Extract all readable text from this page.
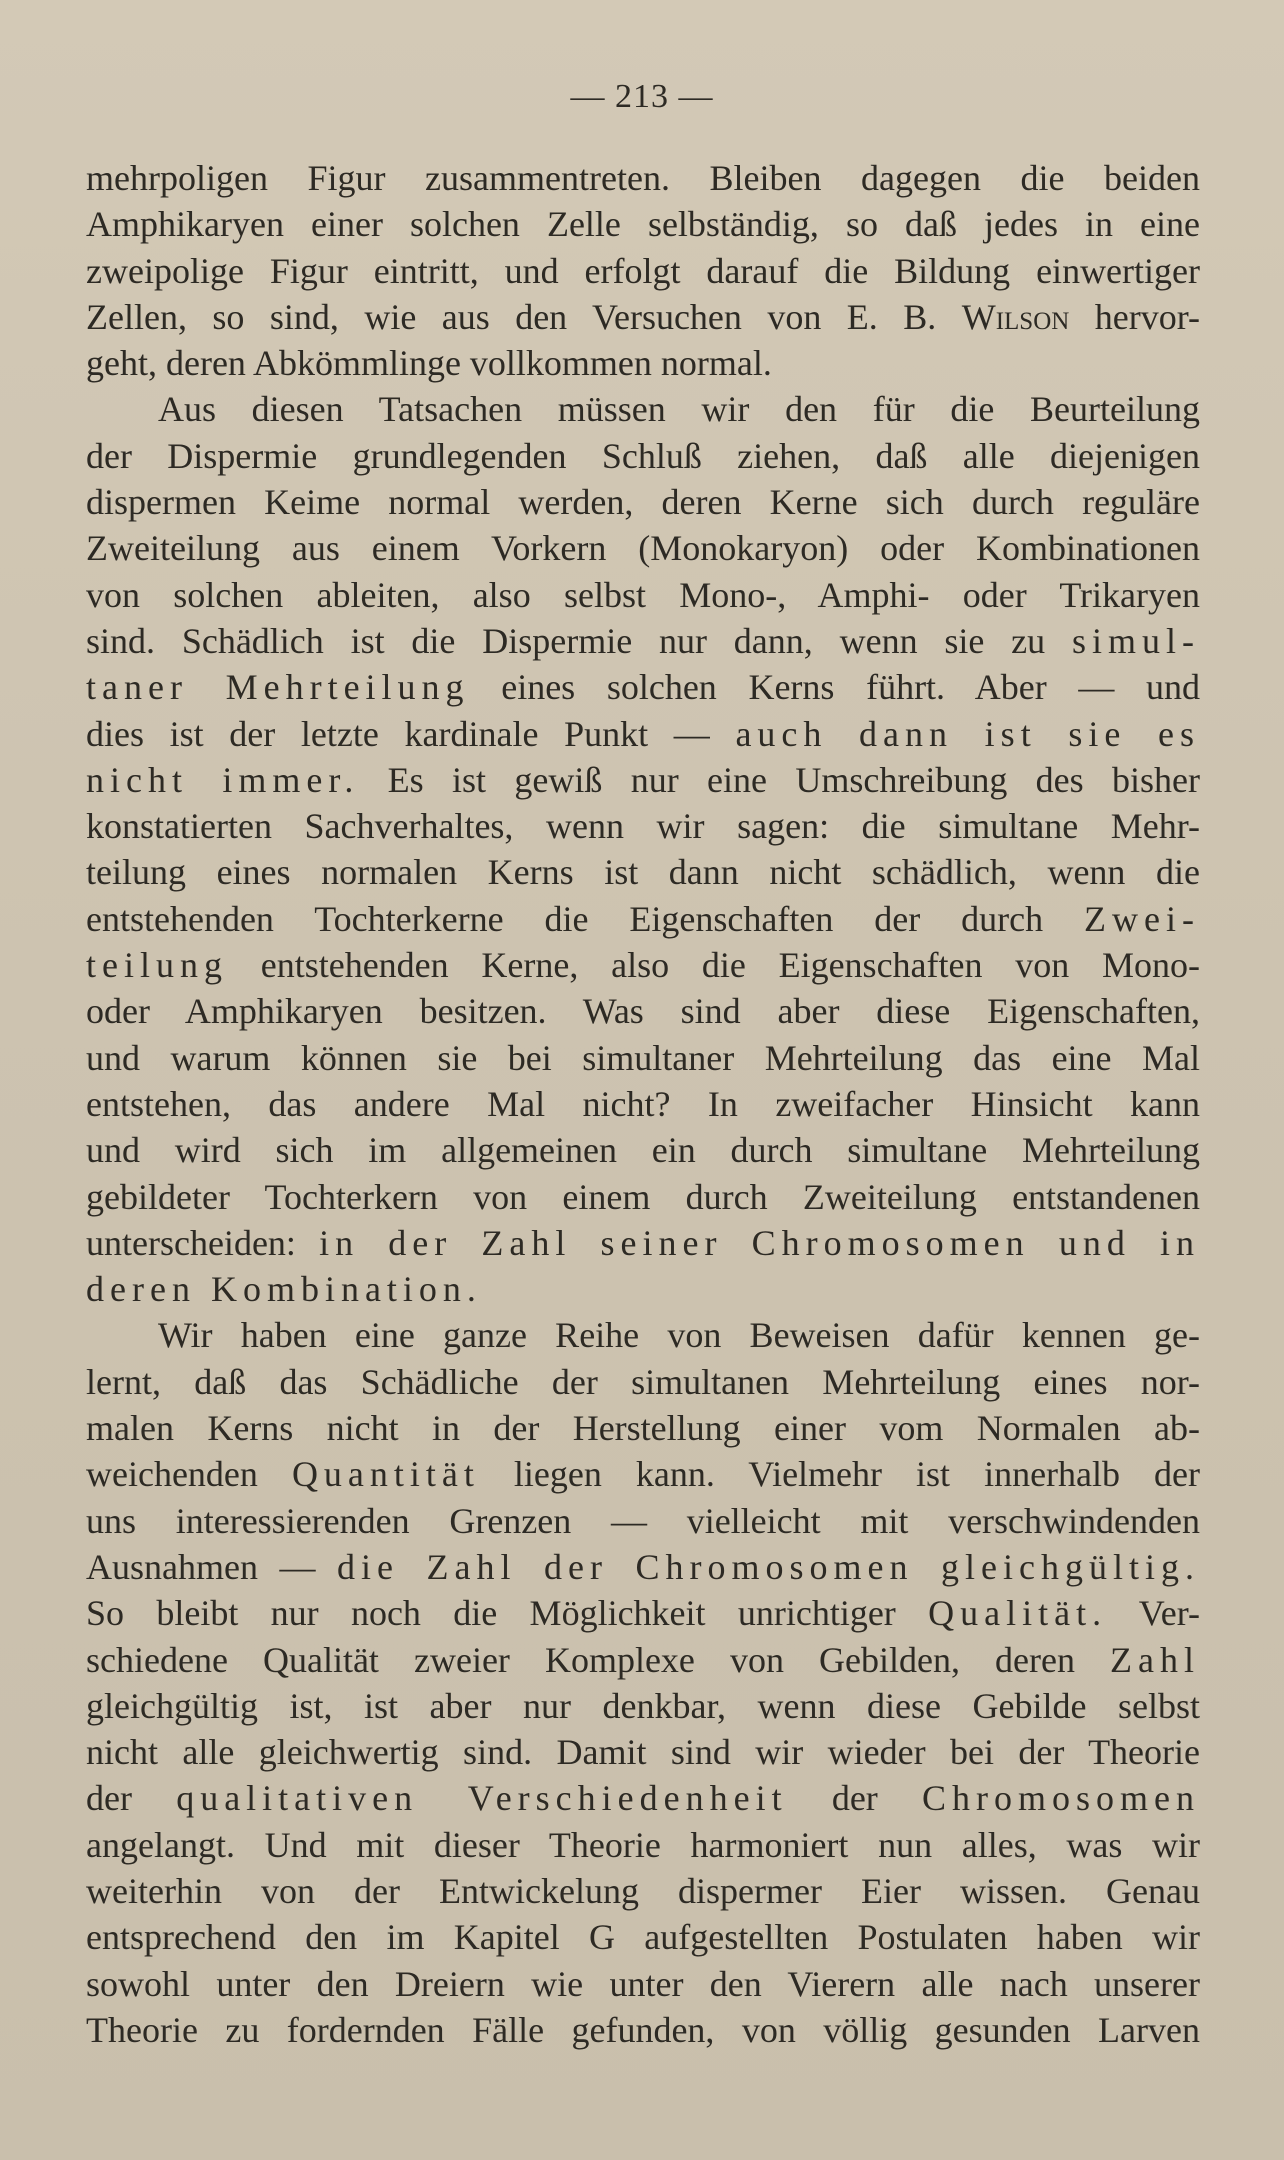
— 213 —
mehrpoligen Figur zusammentreten. Bleiben dagegen die beiden
Amphikaryen einer solchen Zelle selbständig, so daß jedes in eine
zweipolige Figur eintritt, und erfolgt darauf die Bildung einwertiger
Zellen, so sind, wie aus den Versuchen von E. B. Wilson hervor-
geht, deren Abkömmlinge vollkommen normal.
Aus diesen Tatsachen müssen wir den für die Beurteilung
der Dispermie grundlegenden Schluß ziehen, daß alle diejenigen
dispermen Keime normal werden, deren Kerne sich durch reguläre
Zweiteilung aus einem Vorkern (Monokaryon) oder Kombinationen
von solchen ableiten, also selbst Mono-, Amphi- oder Trikaryen
sind. Schädlich ist die Dispermie nur dann, wenn sie zu simul-
taner Mehrteilung eines solchen Kerns führt. Aber — und
dies ist der letzte kardinale Punkt — auch dann ist sie es
nicht immer. Es ist gewiß nur eine Umschreibung des bisher
konstatierten Sachverhaltes, wenn wir sagen: die simultane Mehr-
teilung eines normalen Kerns ist dann nicht schädlich, wenn die
entstehenden Tochterkerne die Eigenschaften der durch Zwei-
teilung entstehenden Kerne, also die Eigenschaften von Mono-
oder Amphikaryen besitzen. Was sind aber diese Eigenschaften,
und warum können sie bei simultaner Mehrteilung das eine Mal
entstehen, das andere Mal nicht? In zweifacher Hinsicht kann
und wird sich im allgemeinen ein durch simultane Mehrteilung
gebildeter Tochterkern von einem durch Zweiteilung entstandenen
unterscheiden: in der Zahl seiner Chromosomen und in
deren Kombination.
Wir haben eine ganze Reihe von Beweisen dafür kennen ge-
lernt, daß das Schädliche der simultanen Mehrteilung eines nor-
malen Kerns nicht in der Herstellung einer vom Normalen ab-
weichenden Quantität liegen kann. Vielmehr ist innerhalb der
uns interessierenden Grenzen — vielleicht mit verschwindenden
Ausnahmen — die Zahl der Chromosomen gleichgültig.
So bleibt nur noch die Möglichkeit unrichtiger Qualität. Ver-
schiedene Qualität zweier Komplexe von Gebilden, deren Zahl
gleichgültig ist, ist aber nur denkbar, wenn diese Gebilde selbst
nicht alle gleichwertig sind. Damit sind wir wieder bei der Theorie
der qualitativen Verschiedenheit der Chromosomen
angelangt. Und mit dieser Theorie harmoniert nun alles, was wir
weiterhin von der Entwickelung dispermer Eier wissen. Genau
entsprechend den im Kapitel G aufgestellten Postulaten haben wir
sowohl unter den Dreiern wie unter den Vierern alle nach unserer
Theorie zu fordernden Fälle gefunden, von völlig gesunden Larven
